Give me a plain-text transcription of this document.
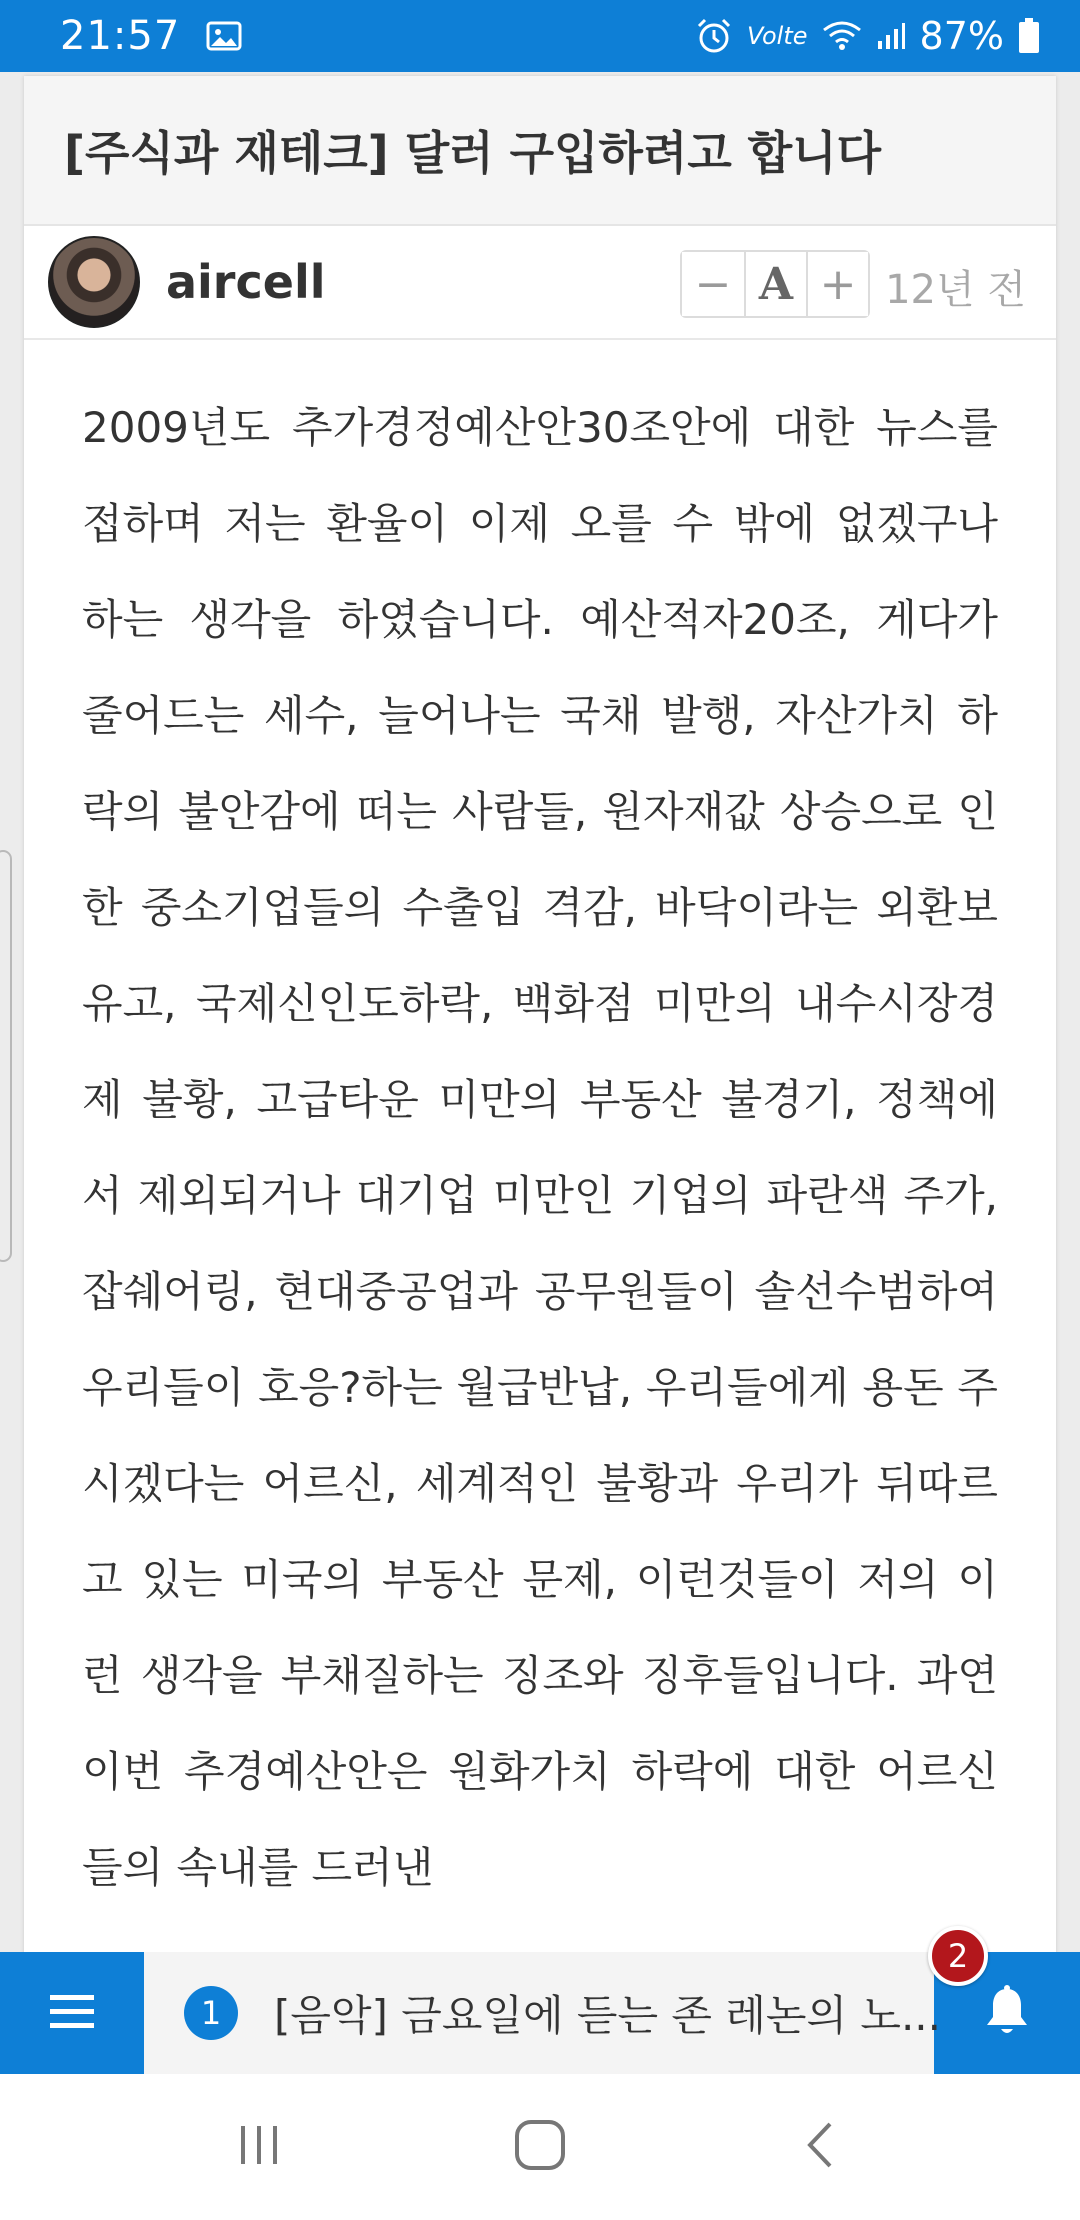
21:57	Volte	87%
[주식과 재테크] 달러 구입하려고 합니다
aircell	− A + 12년 전

2009년도 추가경정예산안30조안에 대한 뉴스를 접하며 저는 환율이 이제 오를 수 밖에 없겠구나 하는 생각을 하였습니다. 예산적자20조, 게다가 줄어드는 세수, 늘어나는 국채 발행, 자산가치 하락의 불안감에 떠는 사람들, 원자재값 상승으로 인한 중소기업들의 수출입 격감, 바닥이라는 외환보유고, 국제신인도하락, 백화점 미만의 내수시장경제 불황, 고급타운 미만의 부동산 불경기, 정책에서 제외되거나 대기업 미만인 기업의 파란색 주가, 잡쉐어링, 현대중공업과 공무원들이 솔선수범하여 우리들이 호응?하는 월급반납, 우리들에게 용돈 주시겠다는 어르신, 세계적인 불황과 우리가 뒤따르고 있는 미국의 부동산 문제, 이런것들이 저의 이런 생각을 부채질하는 징조와 징후들입니다. 과연 이번 추경예산안은 원화가치 하락에 대한 어르신들의 속내를 드러낸

1	[음악] 금요일에 듣는 존 레논의 노...
2
